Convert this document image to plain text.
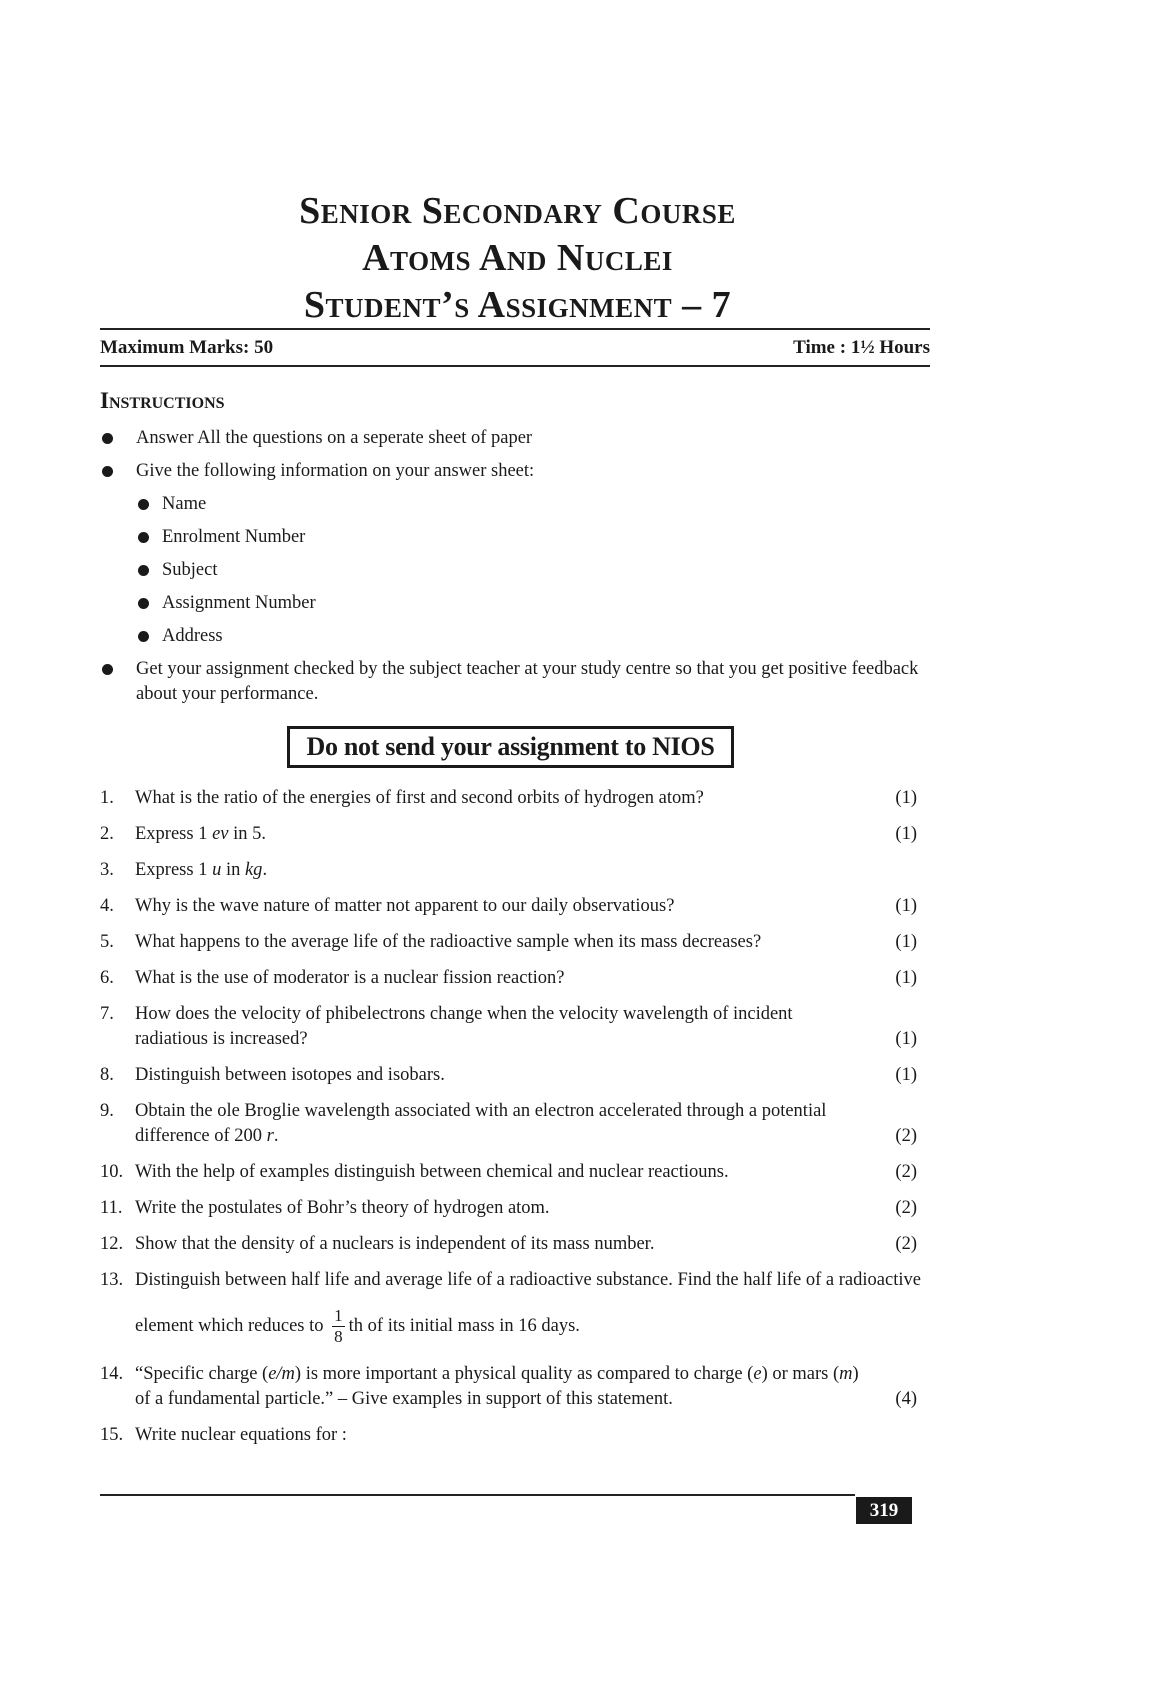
Senior Secondary Course
Atoms And Nuclei
Student’s Assignment – 7
Maximum Marks: 50	Time : 1½ Hours
Instructions
Answer All the questions on a seperate sheet of paper
Give the following information on your answer sheet:
Name
Enrolment Number
Subject
Assignment Number
Address
Get your assignment checked by the subject teacher at your study centre so that you get positive feedback about your performance.
Do not send your assignment to NIOS
1. What is the ratio of the energies of first and second orbits of hydrogen atom?	(1)
2. Express 1 ev in 5.	(1)
3. Express 1 u in kg.
4. Why is the wave nature of matter not apparent to our daily observatious?	(1)
5. What happens to the average life of the radioactive sample when its mass decreases?	(1)
6. What is the use of moderator is a nuclear fission reaction?	(1)
7. How does the velocity of phibelectrons change when the velocity wavelength of incident radiatious is increased?	(1)
8. Distinguish between isotopes and isobars.	(1)
9. Obtain the ole Broglie wavelength associated with an electron accelerated through a potential difference of 200 r.	(2)
10. With the help of examples distinguish between chemical and nuclear reactiouns.	(2)
11. Write the postulates of Bohr’s theory of hydrogen atom.	(2)
12. Show that the density of a nuclears is independent of its mass number.	(2)
13. Distinguish between half life and average life of a radioactive substance. Find the half life of a radioactive
element which reduces to $\frac{1}{8}$ th of its initial mass in 16 days.
14. “Specific charge (e/m) is more important a physical quality as compared to charge (e) or mars (m) of a fundamental particle.” – Give examples in support of this statement.	(4)
15. Write nuclear equations for :
319
